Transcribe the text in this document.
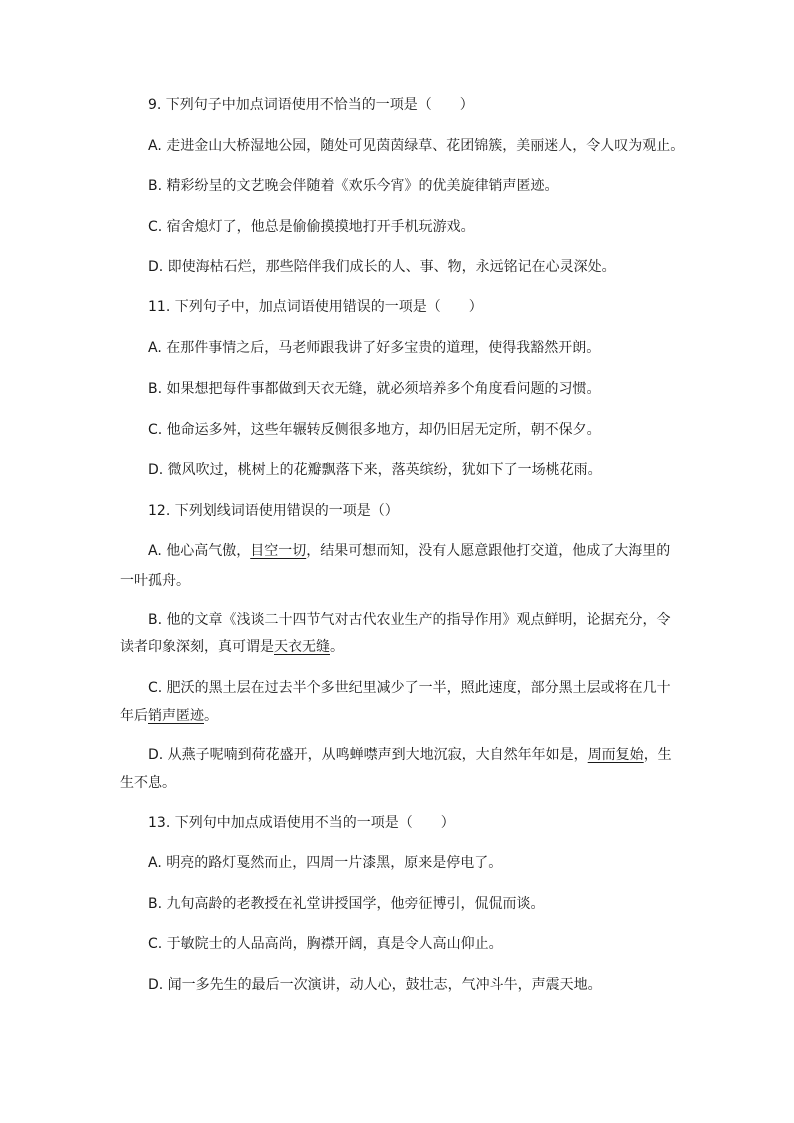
9. 下列句子中加点词语使用不恰当的一项是（　　）
A. 走进金山大桥湿地公园，随处可见茵茵绿草、花团锦簇，美丽迷人，令人叹为观止。
B. 精彩纷呈的文艺晚会伴随着《欢乐今宵》的优美旋律销声匿迹。
C. 宿舍熄灯了，他总是偷偷摸摸地打开手机玩游戏。
D. 即使海枯石烂，那些陪伴我们成长的人、事、物，永远铭记在心灵深处。
11. 下列句子中，加点词语使用错误的一项是（　　）
A. 在那件事情之后，马老师跟我讲了好多宝贵的道理，使得我豁然开朗。
B. 如果想把每件事都做到天衣无缝，就必须培养多个角度看问题的习惯。
C. 他命运多舛，这些年辗转反侧很多地方，却仍旧居无定所，朝不保夕。
D. 微风吹过，桃树上的花瓣飘落下来，落英缤纷，犹如下了一场桃花雨。
12. 下列划线词语使用错误的一项是（）
A. 他心高气傲，目空一切，结果可想而知，没有人愿意跟他打交道，他成了大海里的
一叶孤舟。
B. 他的文章《浅谈二十四节气对古代农业生产的指导作用》观点鲜明，论据充分，令
读者印象深刻，真可谓是天衣无缝。
C. 肥沃的黑土层在过去半个多世纪里减少了一半，照此速度，部分黑土层或将在几十
年后销声匿迹。
D. 从燕子呢喃到荷花盛开，从鸣蝉噤声到大地沉寂，大自然年年如是，周而复始，生
生不息。
13. 下列句中加点成语使用不当的一项是（　　）
A. 明亮的路灯戛然而止，四周一片漆黑，原来是停电了。
B. 九旬高龄的老教授在礼堂讲授国学，他旁征博引，侃侃而谈。
C. 于敏院士的人品高尚，胸襟开阔，真是令人高山仰止。
D. 闻一多先生的最后一次演讲，动人心，鼓壮志，气冲斗牛，声震天地。
